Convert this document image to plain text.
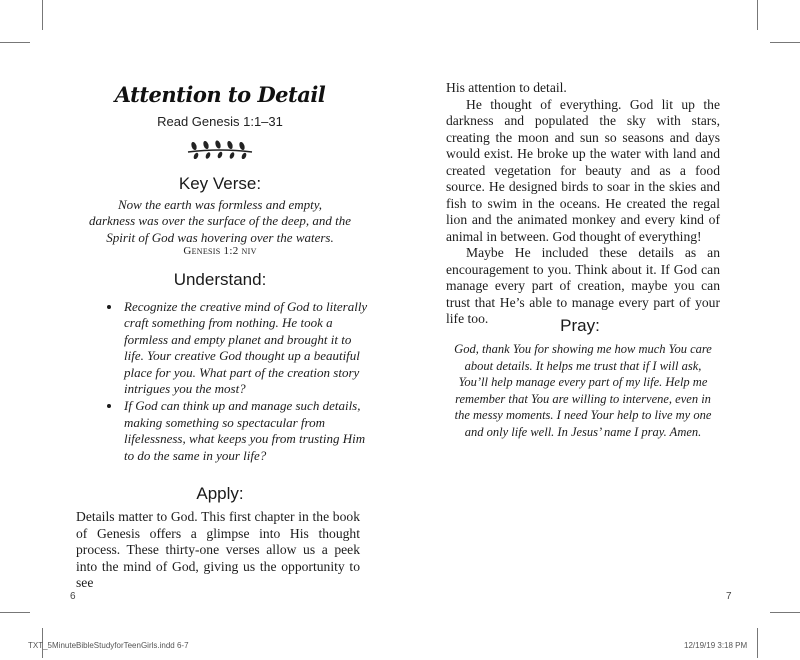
Attention to Detail
Read Genesis 1:1–31
Key Verse:
Now the earth was formless and empty,
darkness was over the surface of the deep, and the
Spirit of God was hovering over the waters.
Genesis 1:2 niv
Understand:
• Recognize the creative mind of God to literally craft something from nothing. He took a formless and empty planet and brought it to life. Your creative God thought up a beautiful place for you. What part of the creation story intrigues you the most?
• If God can think up and manage such details, making something so spectacular from lifelessness, what keeps you from trusting Him to do the same in your life?
Apply:

Details matter to God. This first chapter in the book of Genesis offers a glimpse into His thought process. These thirty-one verses allow us a peek into the mind of God, giving us the opportunity to see

6

His attention to detail.

He thought of everything. God lit up the darkness and populated the sky with stars, creating the moon and sun so seasons and days would exist. He broke up the water with land and created vegetation for beauty and as a food source. He designed birds to soar in the skies and fish to swim in the oceans. He created the regal lion and the animated monkey and every kind of animal in between. God thought of everything!

Maybe He included these details as an encouragement to you. Think about it. If God can manage every part of creation, maybe you can trust that He’s able to manage every part of your life too.	Pray:
God, thank You for showing me how much You care
about details. It helps me trust that if I will ask,
You’ll help manage every part of my life. Help me
remember that You are willing to intervene, even in
the messy moments. I need Your help to live my one
and only life well. In Jesus’ name I pray. Amen.
7
TXT_5MinuteBibleStudyforTeenGirls.indd 6-7	12/19/19 3:18 PM
